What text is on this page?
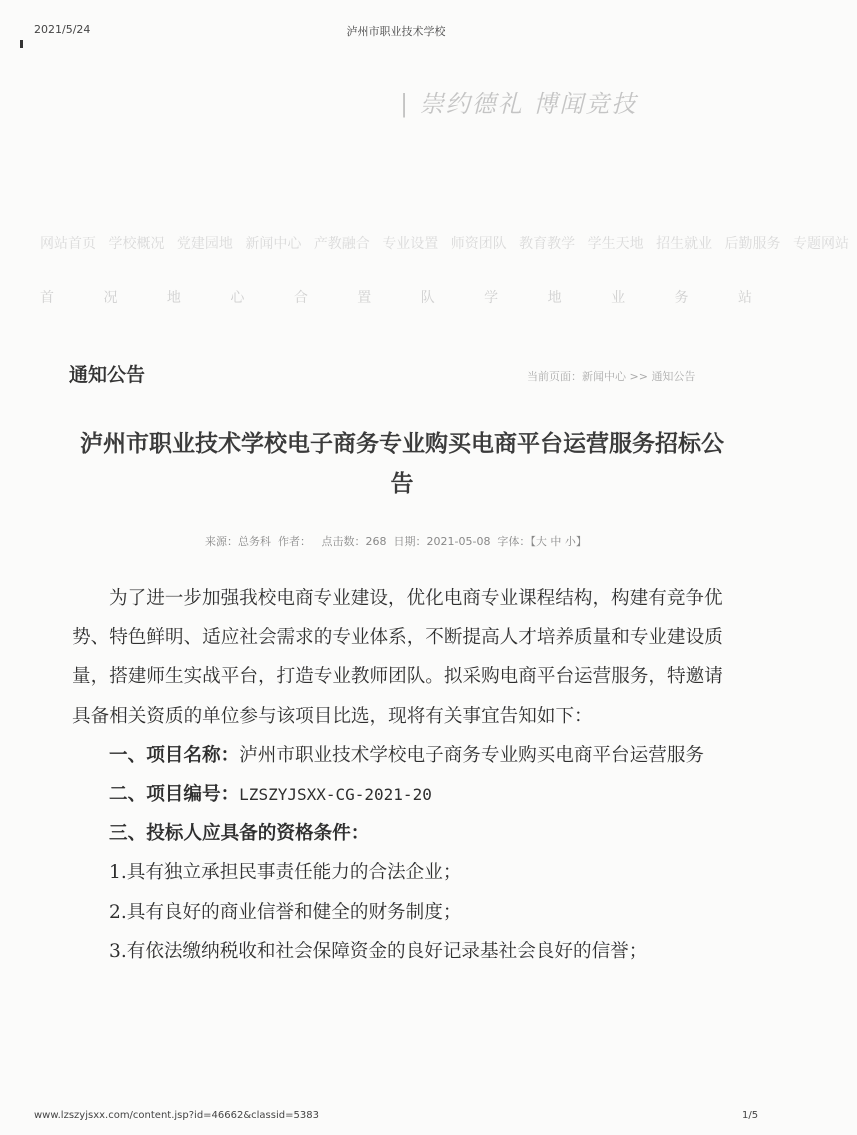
2021/5/24	泸州市职业技术学校
| 崇约德礼 博闻竞技
网站首页 学校概况 党建园地 新闻中心 产教融合 专业设置 师资团队 教育教学 学生天地 招生就业 后勤服务 专题网站
首	况	地	心	合	置	队	学	地	业	务	站
通知公告	当前页面：新闻中心 >> 通知公告
泸州市职业技术学校电子商务专业购买电商平台运营服务招标公告
来源：总务科  作者：   点击数：268  日期：2021-05-08  字体：【大 中 小】

为了进一步加强我校电商专业建设，优化电商专业课程结构，构建有竞争优势、特色鲜明、适应社会需求的专业体系，不断提高人才培养质量和专业建设质量，搭建师生实战平台，打造专业教师团队。拟采购电商平台运营服务，特邀请具备相关资质的单位参与该项目比选，现将有关事宜告知如下：

一、项目名称：泸州市职业技术学校电子商务专业购买电商平台运营服务

二、项目编号：LZSZYJSXX-CG-2021-20

三、投标人应具备的资格条件：

1.具有独立承担民事责任能力的合法企业；

2.具有良好的商业信誉和健全的财务制度；

3.有依法缴纳税收和社会保障资金的良好记录基社会良好的信誉；

www.lzszyjsxx.com/content.jsp?id=46662&classid=5383	1/5
